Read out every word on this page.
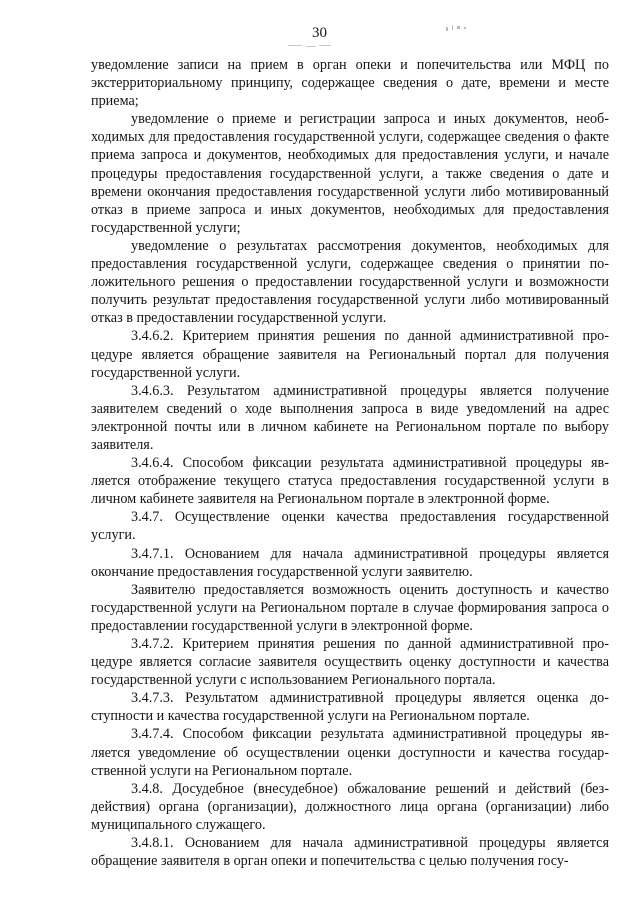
30

уведомление записи на прием в орган опеки и попечительства или МФЦ по экстерриториальному принципу, содержащее сведения о дате, времени и месте приема;

уведомление о приеме и регистрации запроса и иных документов, необходимых для предоставления государственной услуги, содержащее сведения о факте приема запроса и документов, необходимых для предоставления услуги, и начале процедуры предоставления государственной услуги, а также сведения о дате и времени окончания предоставления государственной услуги либо мотивированный отказ в приеме запроса и иных документов, необходимых для предоставления государственной услуги;

уведомление о результатах рассмотрения документов, необходимых для предоставления государственной услуги, содержащее сведения о принятии положительного решения о предоставлении государственной услуги и возможности получить результат предоставления государственной услуги либо мотивированный отказ в предоставлении государственной услуги.

3.4.6.2. Критерием принятия решения по данной административной процедуре является обращение заявителя на Региональный портал для получения государственной услуги.

3.4.6.3. Результатом административной процедуры является получение заявителем сведений о ходе выполнения запроса в виде уведомлений на адрес электронной почты или в личном кабинете на Региональном портале по выбору заявителя.

3.4.6.4. Способом фиксации результата административной процедуры является отображение текущего статуса предоставления государственной услуги в личном кабинете заявителя на Региональном портале в электронной форме.

3.4.7. Осуществление оценки качества предоставления государственной услуги.

3.4.7.1. Основанием для начала административной процедуры является окончание предоставления государственной услуги заявителю.

Заявителю предоставляется возможность оценить доступность и качество государственной услуги на Региональном портале в случае формирования запроса о предоставлении государственной услуги в электронной форме.

3.4.7.2. Критерием принятия решения по данной административной процедуре является согласие заявителя осуществить оценку доступности и качества государственной услуги с использованием Регионального портала.

3.4.7.3. Результатом административной процедуры является оценка доступности и качества государственной услуги на Региональном портале.

3.4.7.4. Способом фиксации результата административной процедуры является уведомление об осуществлении оценки доступности и качества государственной услуги на Региональном портале.

3.4.8. Досудебное (внесудебное) обжалование решений и действий (бездействия) органа (организации), должностного лица органа (организации) либо муниципального служащего.

3.4.8.1. Основанием для начала административной процедуры является обращение заявителя в орган опеки и попечительства с целью получения госу-
